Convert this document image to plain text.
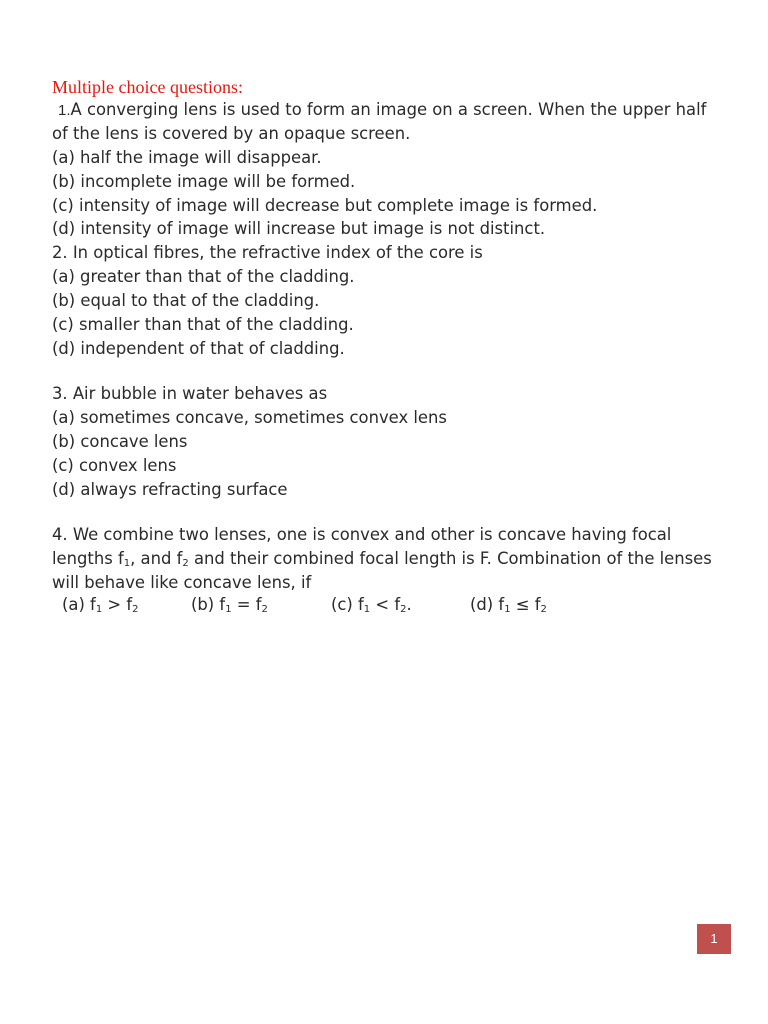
Multiple choice questions:
1.A converging lens is used to form an image on a screen. When the upper half
of the lens is covered by an opaque screen.
(a) half the image will disappear.
(b) incomplete image will be formed.
(c) intensity of image will decrease but complete image is formed.
(d) intensity of image will increase but image is not distinct.
2. In optical fibres, the refractive index of the core is
(a) greater than that of the cladding.
(b) equal to that of the cladding.
(c) smaller than that of the cladding.
(d) independent of that of cladding.
3. Air bubble in water behaves as
(a) sometimes concave, sometimes convex lens
(b) concave lens
(c) convex lens
(d) always refracting surface
4. We combine two lenses, one is convex and other is concave having focal
lengths $f_1$, and $f_2$ and their combined focal length is F. Combination of the lenses
will behave like concave lens, if
(a) $f_1 > f_2$	(b) $f_1 = f_2$	(c) $f_1 < f_2$.	(d) $f_1 \le f_2$
1
